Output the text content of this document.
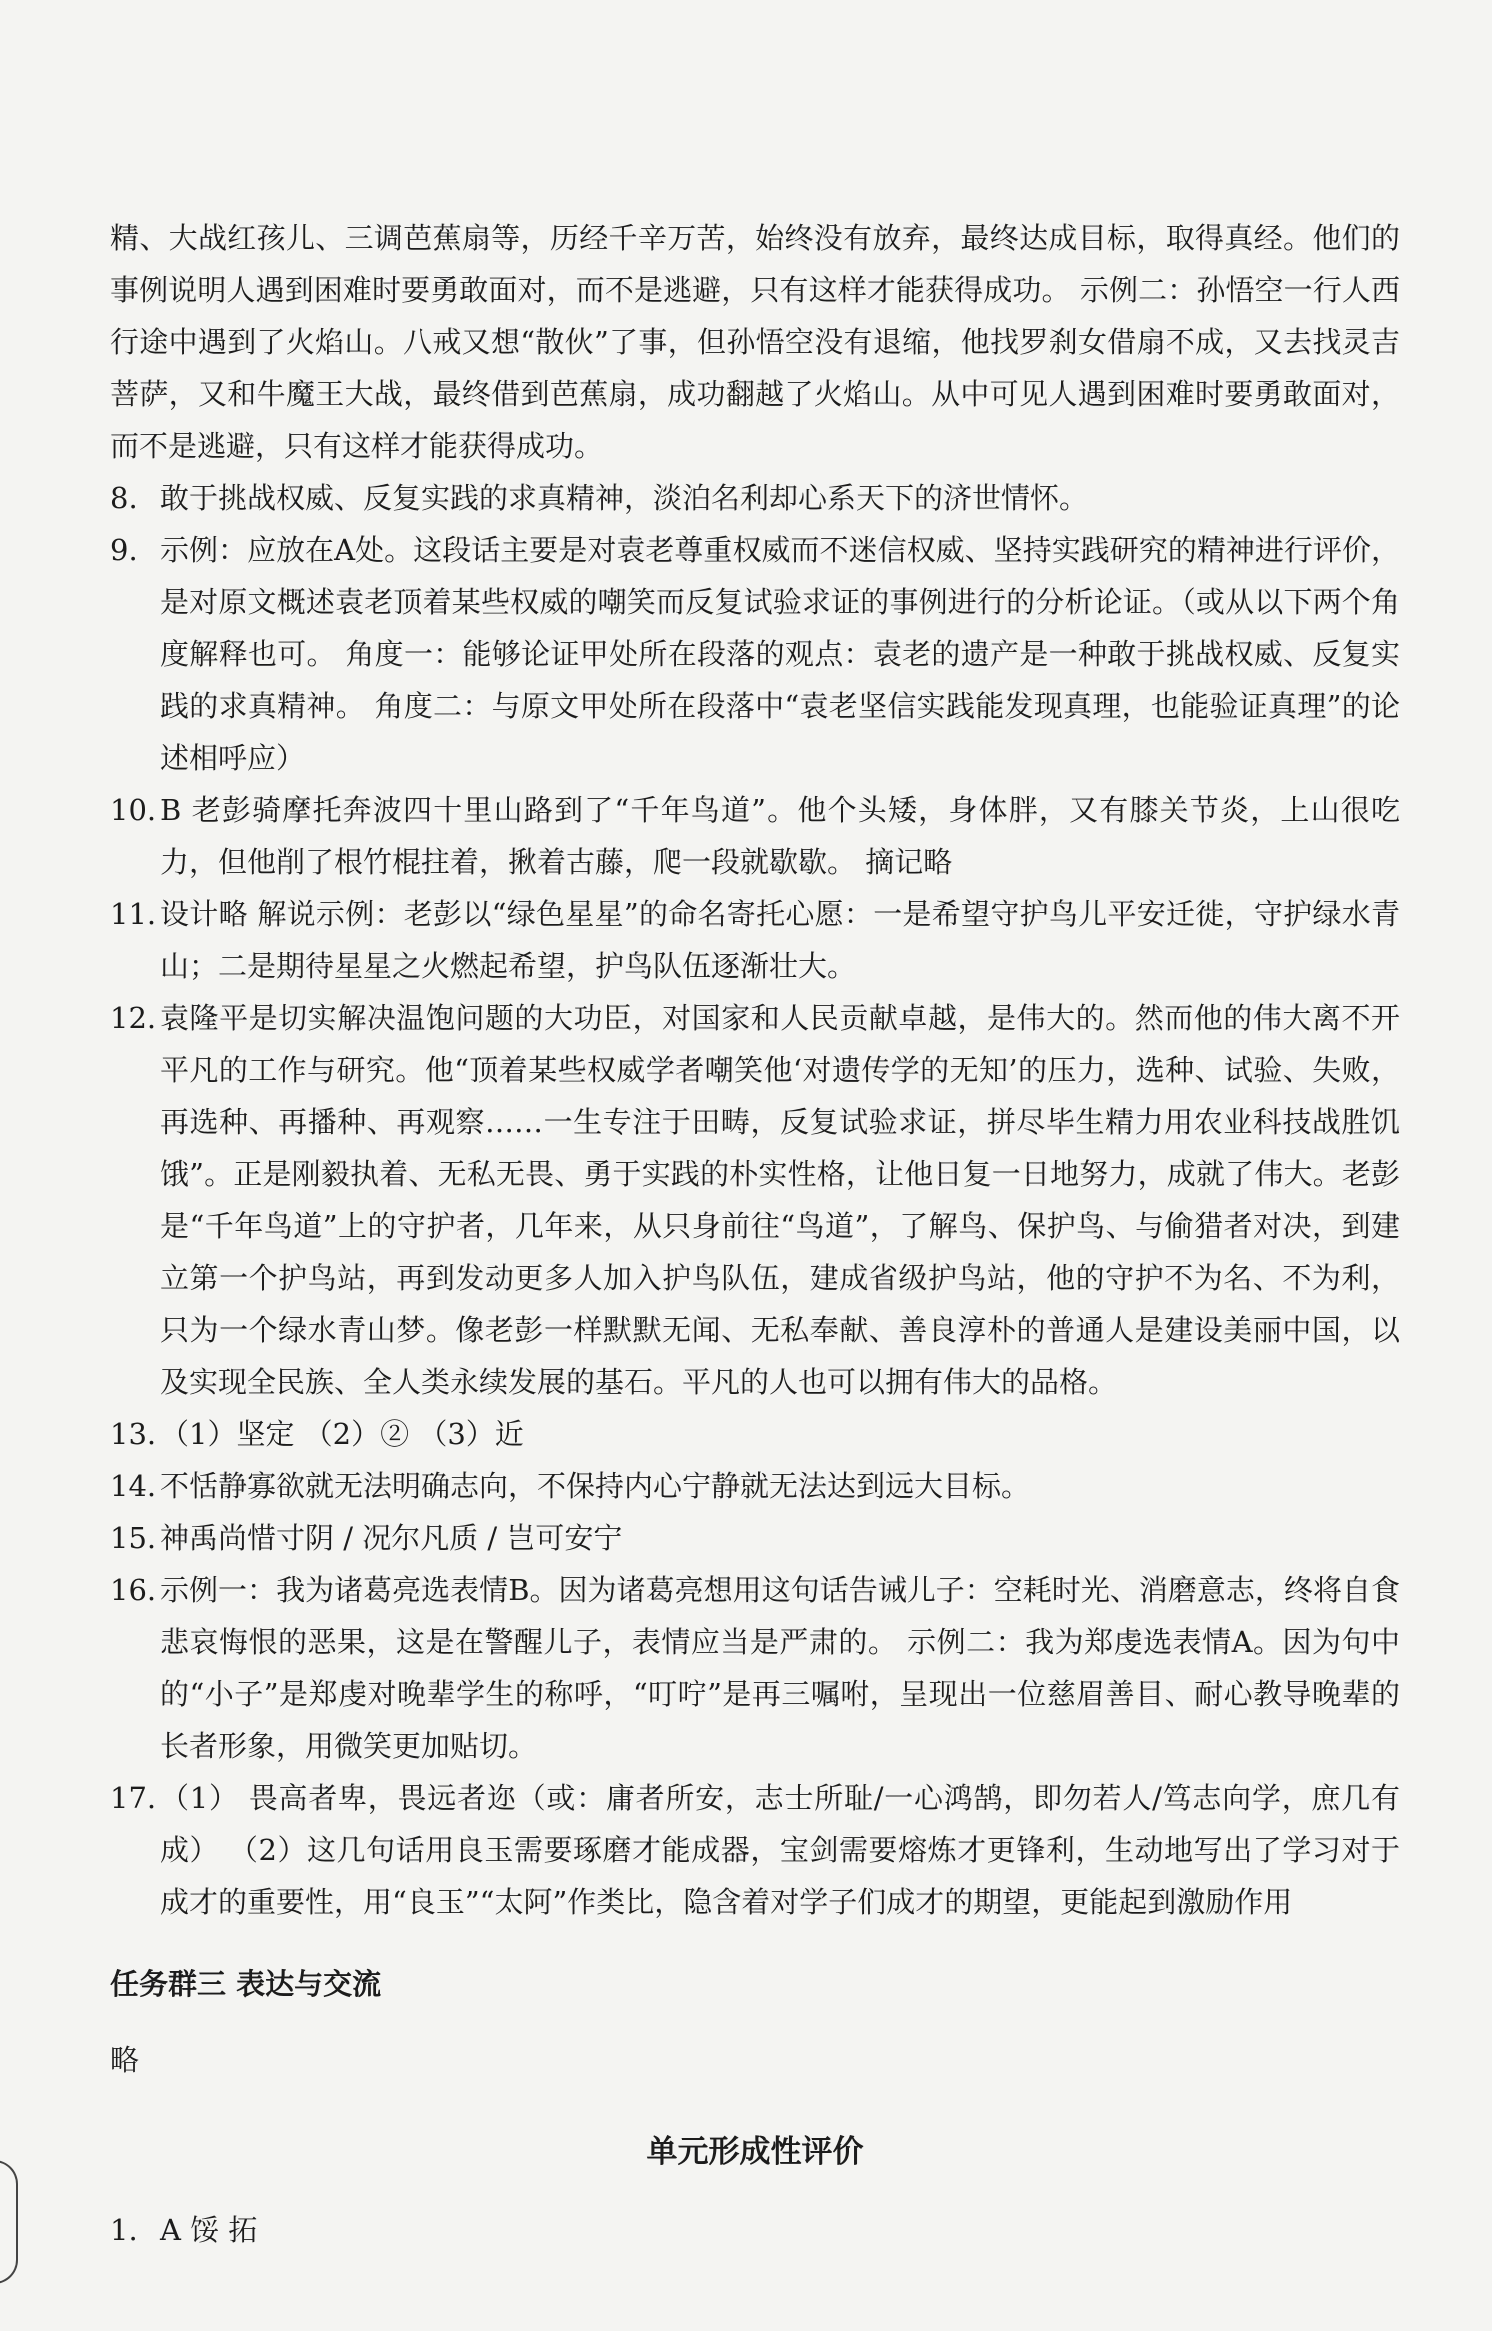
精、大战红孩儿、三调芭蕉扇等，历经千辛万苦，始终没有放弃，最终达成目标，取得真经。他们的事例说明人遇到困难时要勇敢面对，而不是逃避，只有这样才能获得成功。 示例二：孙悟空一行人西行途中遇到了火焰山。八戒又想“散伙”了事，但孙悟空没有退缩，他找罗刹女借扇不成，又去找灵吉菩萨，又和牛魔王大战，最终借到芭蕉扇，成功翻越了火焰山。从中可见人遇到困难时要勇敢面对，而不是逃避，只有这样才能获得成功。

8. 敢于挑战权威、反复实践的求真精神，淡泊名利却心系天下的济世情怀。
9. 示例：应放在A处。这段话主要是对袁老尊重权威而不迷信权威、坚持实践研究的精神进行评价，是对原文概述袁老顶着某些权威的嘲笑而反复试验求证的事例进行的分析论证。（或从以下两个角度解释也可。 角度一：能够论证甲处所在段落的观点：袁老的遗产是一种敢于挑战权威、反复实践的求真精神。 角度二：与原文甲处所在段落中“袁老坚信实践能发现真理，也能验证真理”的论述相呼应）
10. B 老彭骑摩托奔波四十里山路到了“千年鸟道”。他个头矮，身体胖，又有膝关节炎，上山很吃力，但他削了根竹棍拄着，揪着古藤，爬一段就歇歇。 摘记略
11. 设计略 解说示例：老彭以“绿色星星”的命名寄托心愿：一是希望守护鸟儿平安迁徙，守护绿水青山；二是期待星星之火燃起希望，护鸟队伍逐渐壮大。
12. 袁隆平是切实解决温饱问题的大功臣，对国家和人民贡献卓越，是伟大的。然而他的伟大离不开平凡的工作与研究。他“顶着某些权威学者嘲笑他‘对遗传学的无知’的压力，选种、试验、失败，再选种、再播种、再观察……一生专注于田畴，反复试验求证，拼尽毕生精力用农业科技战胜饥饿”。正是刚毅执着、无私无畏、勇于实践的朴实性格，让他日复一日地努力，成就了伟大。老彭是“千年鸟道”上的守护者，几年来，从只身前往“鸟道”，了解鸟、保护鸟、与偷猎者对决，到建立第一个护鸟站，再到发动更多人加入护鸟队伍，建成省级护鸟站，他的守护不为名、不为利，只为一个绿水青山梦。像老彭一样默默无闻、无私奉献、善良淳朴的普通人是建设美丽中国，以及实现全民族、全人类永续发展的基石。平凡的人也可以拥有伟大的品格。
13. （1）坚定 （2）② （3）近
14. 不恬静寡欲就无法明确志向，不保持内心宁静就无法达到远大目标。
15. 神禹尚惜寸阴 / 况尔凡质 / 岂可安宁
16. 示例一：我为诸葛亮选表情B。因为诸葛亮想用这句话告诫儿子：空耗时光、消磨意志，终将自食悲哀悔恨的恶果，这是在警醒儿子，表情应当是严肃的。 示例二：我为郑虔选表情A。因为句中的“小子”是郑虔对晚辈学生的称呼，“叮咛”是再三嘱咐，呈现出一位慈眉善目、耐心教导晚辈的长者形象，用微笑更加贴切。
17. （1） 畏高者卑，畏远者迩（或：庸者所安，志士所耻/一心鸿鹄，即勿若人/笃志向学，庶几有成） （2）这几句话用良玉需要琢磨才能成器，宝剑需要熔炼才更锋利，生动地写出了学习对于成才的重要性，用“良玉”“太阿”作类比，隐含着对学子们成才的期望，更能起到激励作用
任务群三 表达与交流

略

单元形成性评价
1. A 馁 拓
